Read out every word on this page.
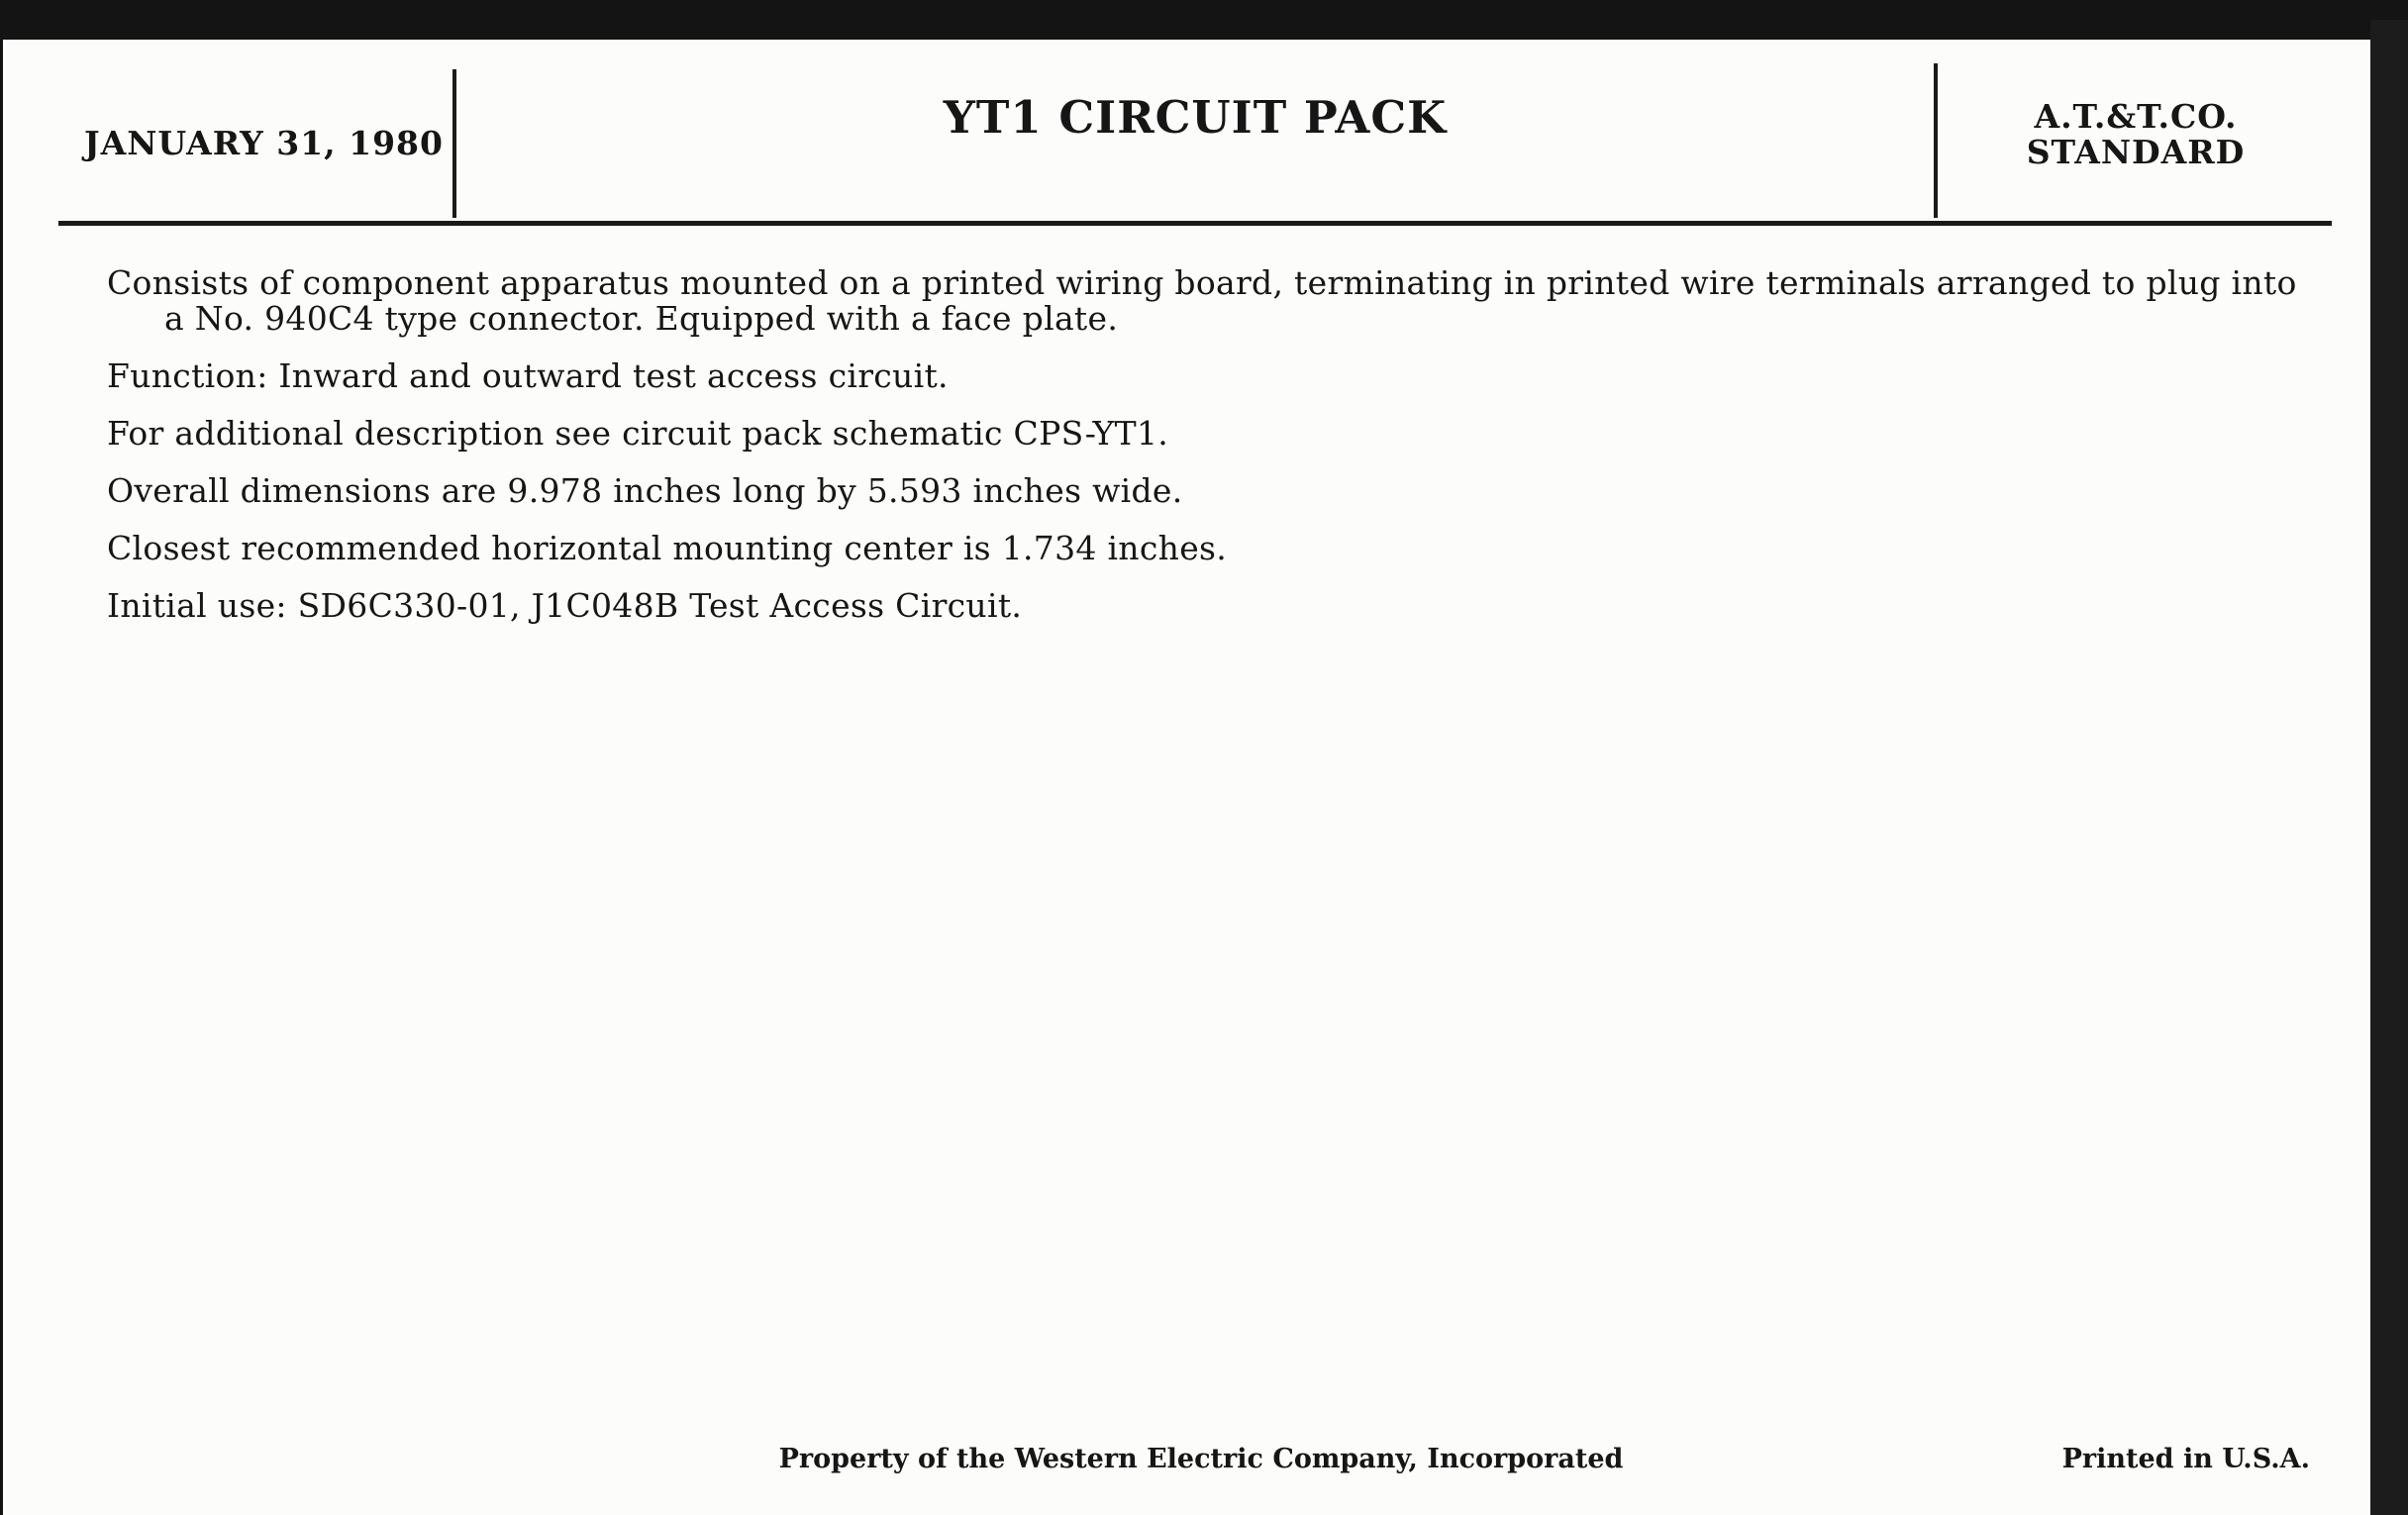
JANUARY 31, 1980	YT1 CIRCUIT PACK	A.T.&T.CO.
STANDARD

Consists of component apparatus mounted on a printed wiring board, terminating in printed wire terminals arranged to plug into
a No. 940C4 type connector. Equipped with a face plate.

Function: Inward and outward test access circuit.

For additional description see circuit pack schematic CPS-YT1.

Overall dimensions are 9.978 inches long by 5.593 inches wide.

Closest recommended horizontal mounting center is 1.734 inches.

Initial use: SD6C330-01, J1C048B Test Access Circuit.

Property of the Western Electric Company, Incorporated	Printed in U.S.A.
